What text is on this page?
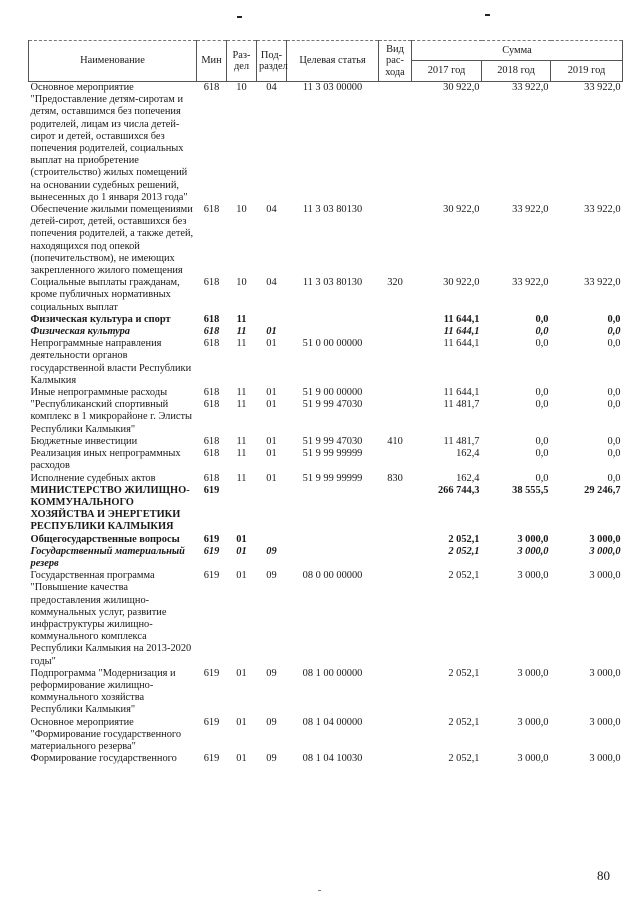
Наименование	Мин	Раз- дел	Под- раздел	Целевая статья	Вид рас- хода	Сумма		
						2017 год	2018 год	2019 год
Основное мероприятие "Предоставление детям-сиротам и детям, оставшимся без попечения родителей, лицам из числа детей-сирот и детей, оставшихся без попечения родителей, социальных выплат на приобретение (строительство) жилых помещений на основании судебных решений, вынесенных до 1 января 2013 года"	618	10	04	11 3 03 00000		30 922,0	33 922,0	33 922,0
Обеспечение жилыми помещениями детей-сирот, детей, оставшихся без попечения родителей, а также детей, находящихся под опекой (попечительством), не имеющих закрепленного жилого помещения	618	10	04	11 3 03 80130		30 922,0	33 922,0	33 922,0
Социальные выплаты гражданам, кроме публичных нормативных социальных выплат	618	10	04	11 3 03 80130	320	30 922,0	33 922,0	33 922,0
Физическая культура и спорт	618	11				11 644,1	0,0	0,0
Физическая культура	618	11	01			11 644,1	0,0	0,0
Непрограммные направления деятельности органов государственной власти Республики Калмыкия	618	11	01	51 0 00 00000		11 644,1	0,0	0,0
Иные непрограммные расходы	618	11	01	51 9 00 00000		11 644,1	0,0	0,0
"Республиканский спортивный комплекс в 1 микрорайоне г. Элисты Республики Калмыкия"	618	11	01	51 9 99 47030		11 481,7	0,0	0,0
Бюджетные инвестиции	618	11	01	51 9 99 47030	410	11 481,7	0,0	0,0
Реализация иных непрограммных расходов	618	11	01	51 9 99 99999		162,4	0,0	0,0
Исполнение судебных актов	618	11	01	51 9 99 99999	830	162,4	0,0	0,0
МИНИСТЕРСТВО ЖИЛИЩНО-КОММУНАЛЬНОГО ХОЗЯЙСТВА И ЭНЕРГЕТИКИ РЕСПУБЛИКИ КАЛМЫКИЯ	619					266 744,3	38 555,5	29 246,7
Общегосударственные вопросы	619	01				2 052,1	3 000,0	3 000,0
Государственный материальный резерв	619	01	09			2 052,1	3 000,0	3 000,0
Государственная программа "Повышение качества предоставления жилищно-коммунальных услуг, развитие инфраструктуры жилищно-коммунального комплекса Республики Калмыкия на 2013-2020 годы"	619	01	09	08 0 00 00000		2 052,1	3 000,0	3 000,0
Подпрограмма "Модернизация и реформирование жилищно-коммунального хозяйства Республики Калмыкия"	619	01	09	08 1 00 00000		2 052,1	3 000,0	3 000,0
Основное мероприятие "Формирование государственного материального резерва"	619	01	09	08 1 04 00000		2 052,1	3 000,0	3 000,0
Формирование государственного	619	01	09	08 1 04 10030		2 052,1	3 000,0	3 000,0
80
